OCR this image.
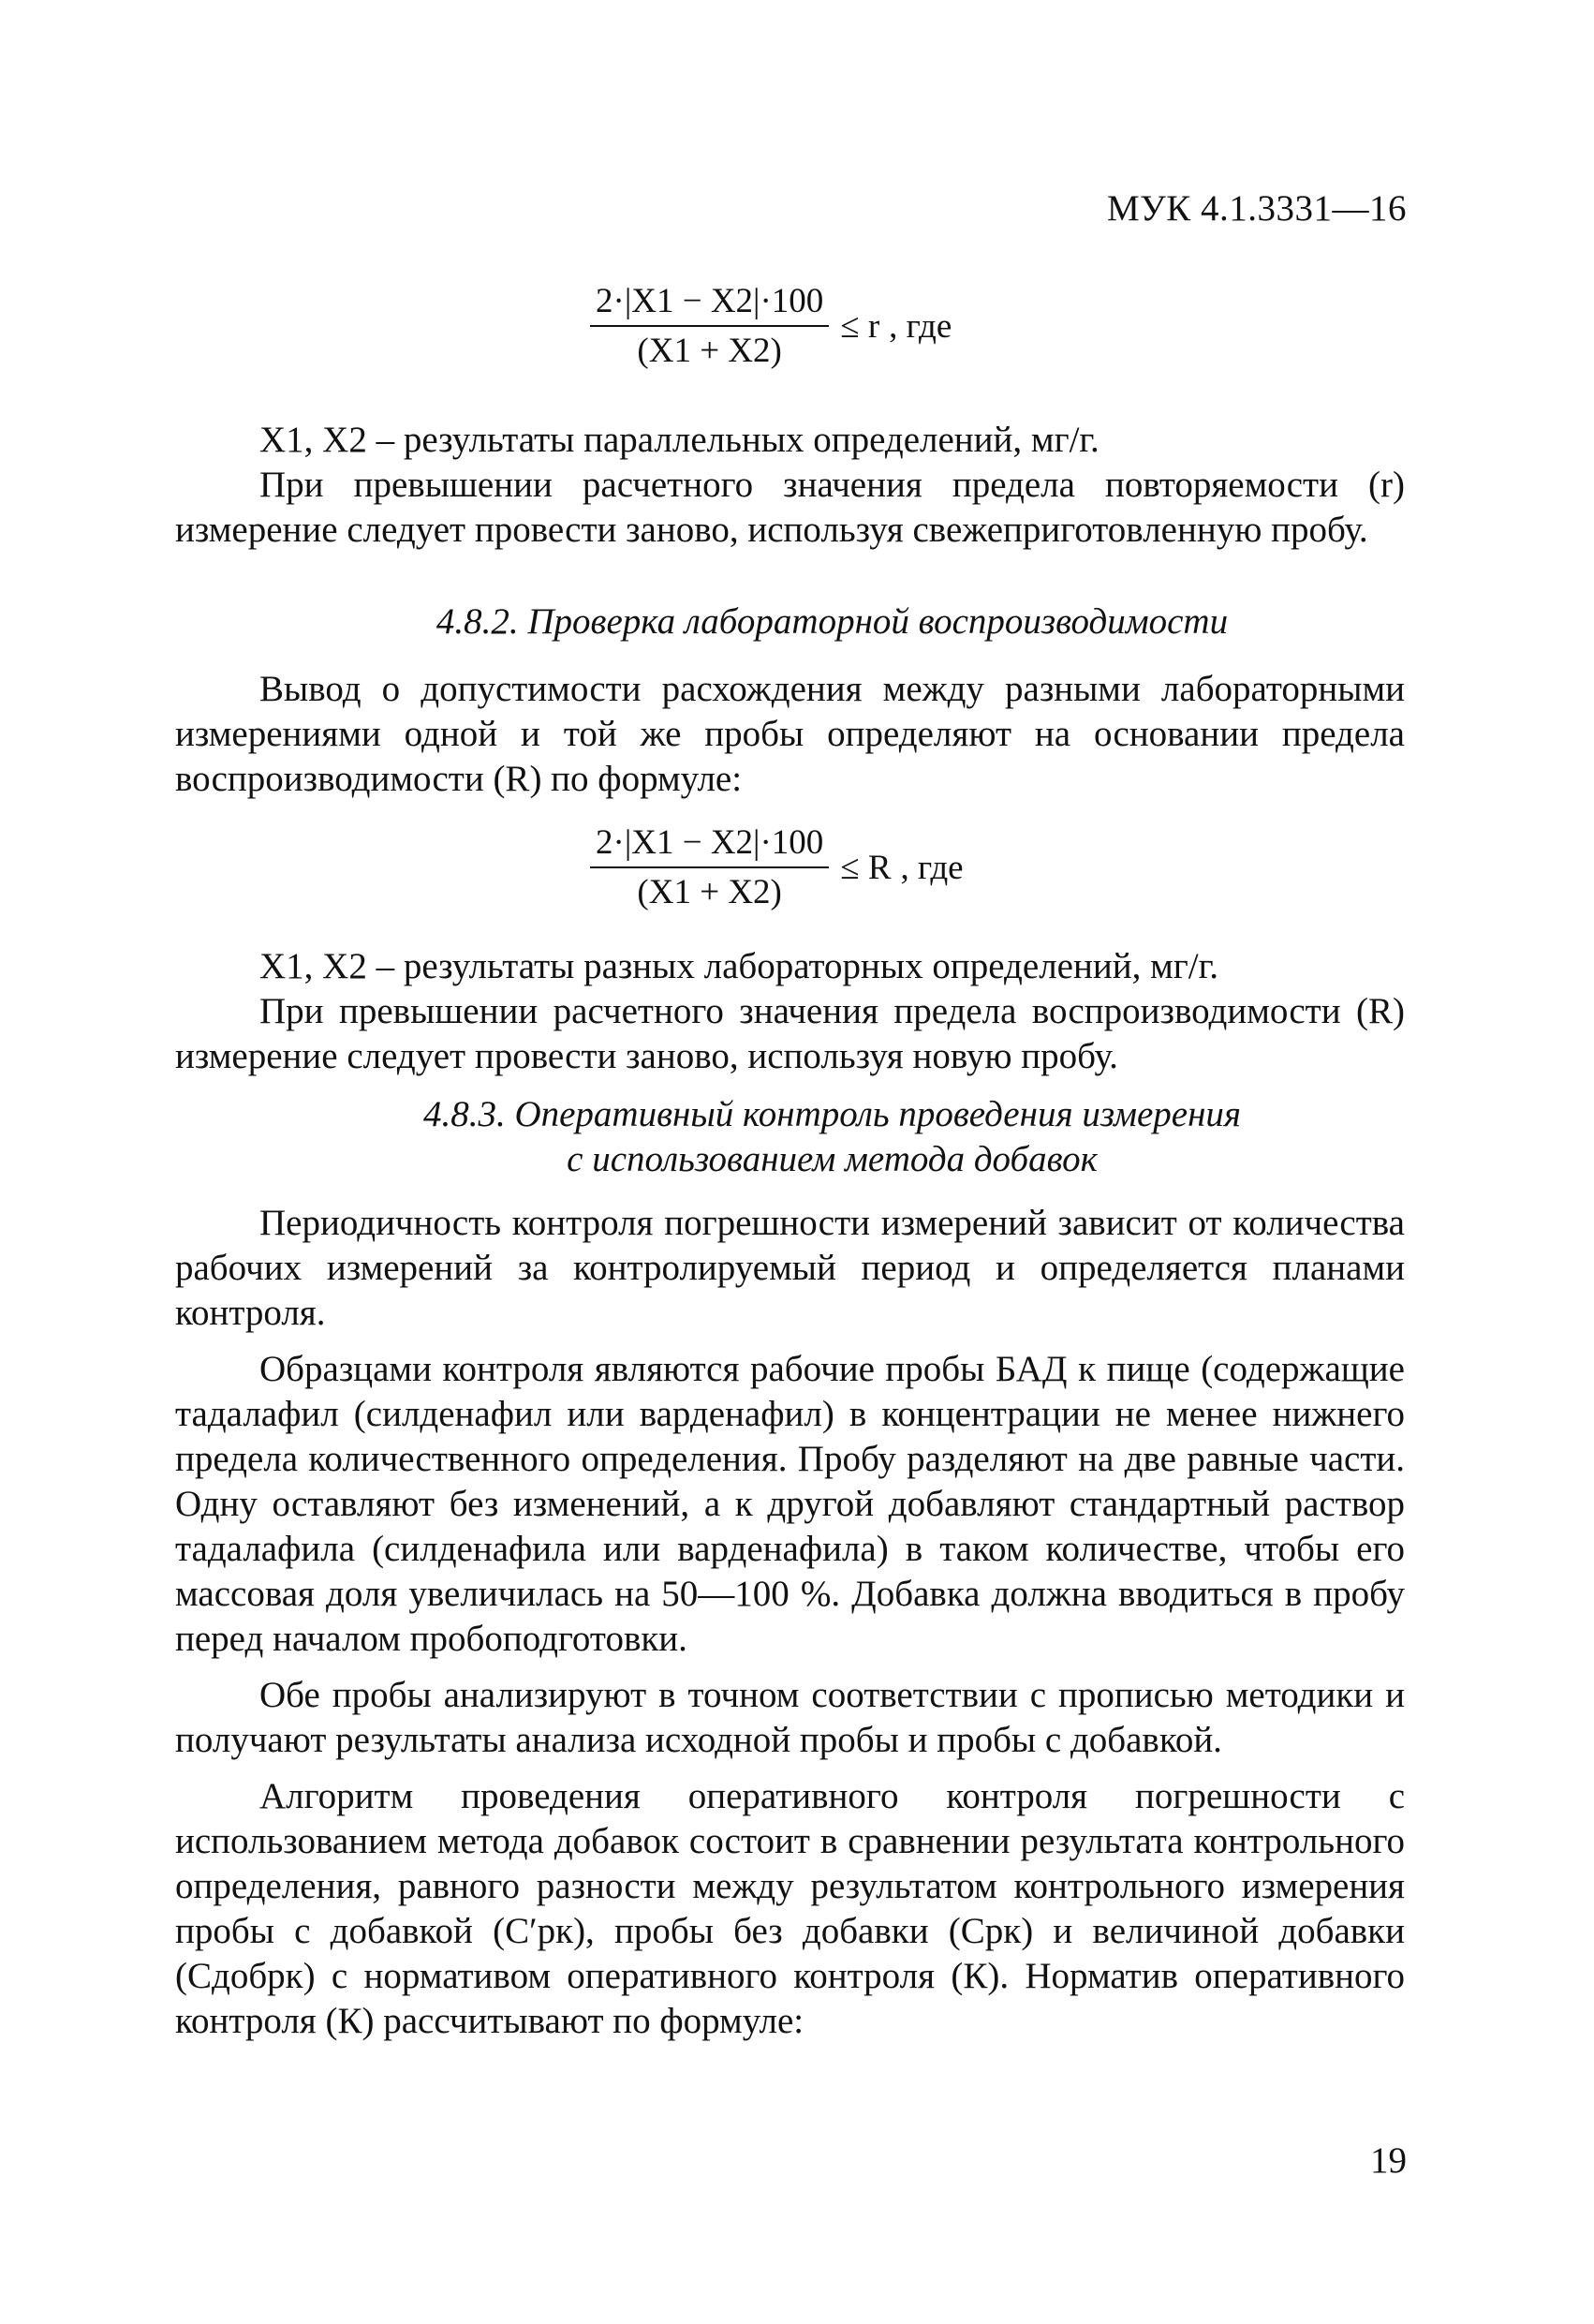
МУК 4.1.3331—16
$\frac{2\cdot|X1 - X2|\cdot 100}{(X1 + X2)} \le r$ , где

X1, X2 – результаты параллельных определений, мг/г.

При превышении расчетного значения предела повторяемости (r) измерение следует провести заново, используя свежеприготовленную пробу.

4.8.2. Проверка лабораторной воспроизводимости

Вывод о допустимости расхождения между разными лабораторными измерениями одной и той же пробы определяют на основании предела воспроизводимости (R) по формуле:

$\frac{2\cdot|X1 - X2|\cdot 100}{(X1 + X2)} \le R$ , где

X1, X2 – результаты разных лабораторных определений, мг/г.

При превышении расчетного значения предела воспроизводимости (R) измерение следует провести заново, используя новую пробу.

4.8.3. Оперативный контроль проведения измерения

с использованием метода добавок

Периодичность контроля погрешности измерений зависит от количества рабочих измерений за контролируемый период и определяется планами контроля.

Образцами контроля являются рабочие пробы БАД к пище (содержащие тадалафил (силденафил или варденафил) в концентрации не менее нижнего предела количественного определения. Пробу разделяют на две равные части. Одну оставляют без изменений, а к другой добавляют стандартный раствор тадалафила (силденафила или варденафила) в таком количестве, чтобы его массовая доля увеличилась на 50—100 %. Добавка должна вводиться в пробу перед началом пробоподготовки.

Обе пробы анализируют в точном соответствии с прописью методики и получают результаты анализа исходной пробы и пробы с добавкой.

Алгоритм проведения оперативного контроля погрешности с использованием метода добавок состоит в сравнении результата контрольного определения, равного разности между результатом контрольного измерения пробы с добавкой (C′рк), пробы без добавки (Cрк) и величиной добавки (Cдобрк) с нормативом оперативного контроля (К). Норматив оперативного контроля (К) рассчитывают по формуле:

19
